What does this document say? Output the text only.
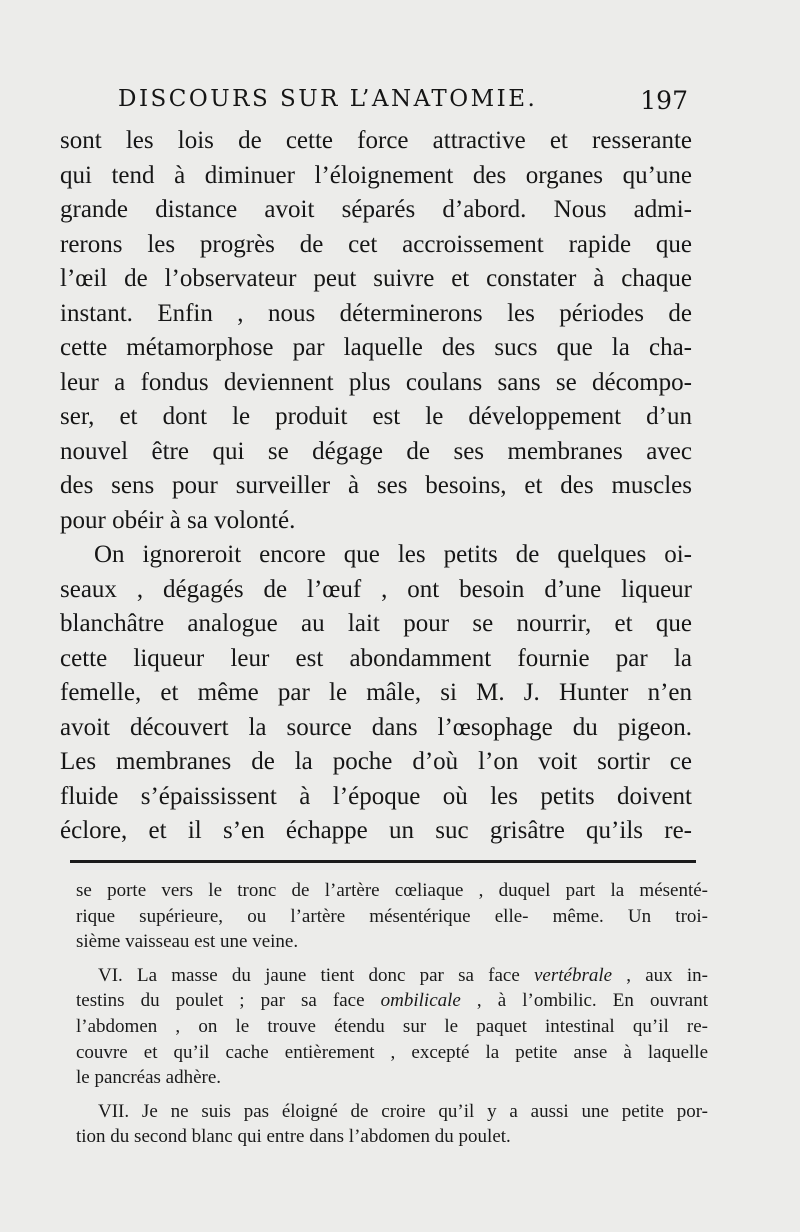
DISCOURS SUR L’ANATOMIE.	197
sont les lois de cette force attractive et resserante
qui tend à diminuer l’éloignement des organes qu’une
grande distance avoit séparés d’abord. Nous admi-
rerons les progrès de cet accroissement rapide que
l’œil de l’observateur peut suivre et constater à chaque
instant. Enfin , nous déterminerons les périodes de
cette métamorphose par laquelle des sucs que la cha-
leur a fondus deviennent plus coulans sans se décompo-
ser, et dont le produit est le développement d’un
nouvel être qui se dégage de ses membranes avec
des sens pour surveiller à ses besoins, et des muscles
pour obéir à sa volonté.
On ignoreroit encore que les petits de quelques oi-
seaux , dégagés de l’œuf , ont besoin d’une liqueur
blanchâtre analogue au lait pour se nourrir, et que
cette liqueur leur est abondamment fournie par la
femelle, et même par le mâle, si M. J. Hunter n’en
avoit découvert la source dans l’œsophage du pigeon.
Les membranes de la poche d’où l’on voit sortir ce
fluide s’épaississent à l’époque où les petits doivent
éclore, et il s’en échappe un suc grisâtre qu’ils re-
se porte vers le tronc de l’artère cœliaque , duquel part la mésenté-
rique supérieure, ou l’artère mésentérique elle- même. Un troi-
sième vaisseau est une veine.
VI. La masse du jaune tient donc par sa face vertébrale , aux in-
testins du poulet ; par sa face ombilicale , à l’ombilic. En ouvrant
l’abdomen , on le trouve étendu sur le paquet intestinal qu’il re-
couvre et qu’il cache entièrement , excepté la petite anse à laquelle
le pancréas adhère.
VII. Je ne suis pas éloigné de croire qu’il y a aussi une petite por-
tion du second blanc qui entre dans l’abdomen du poulet.
